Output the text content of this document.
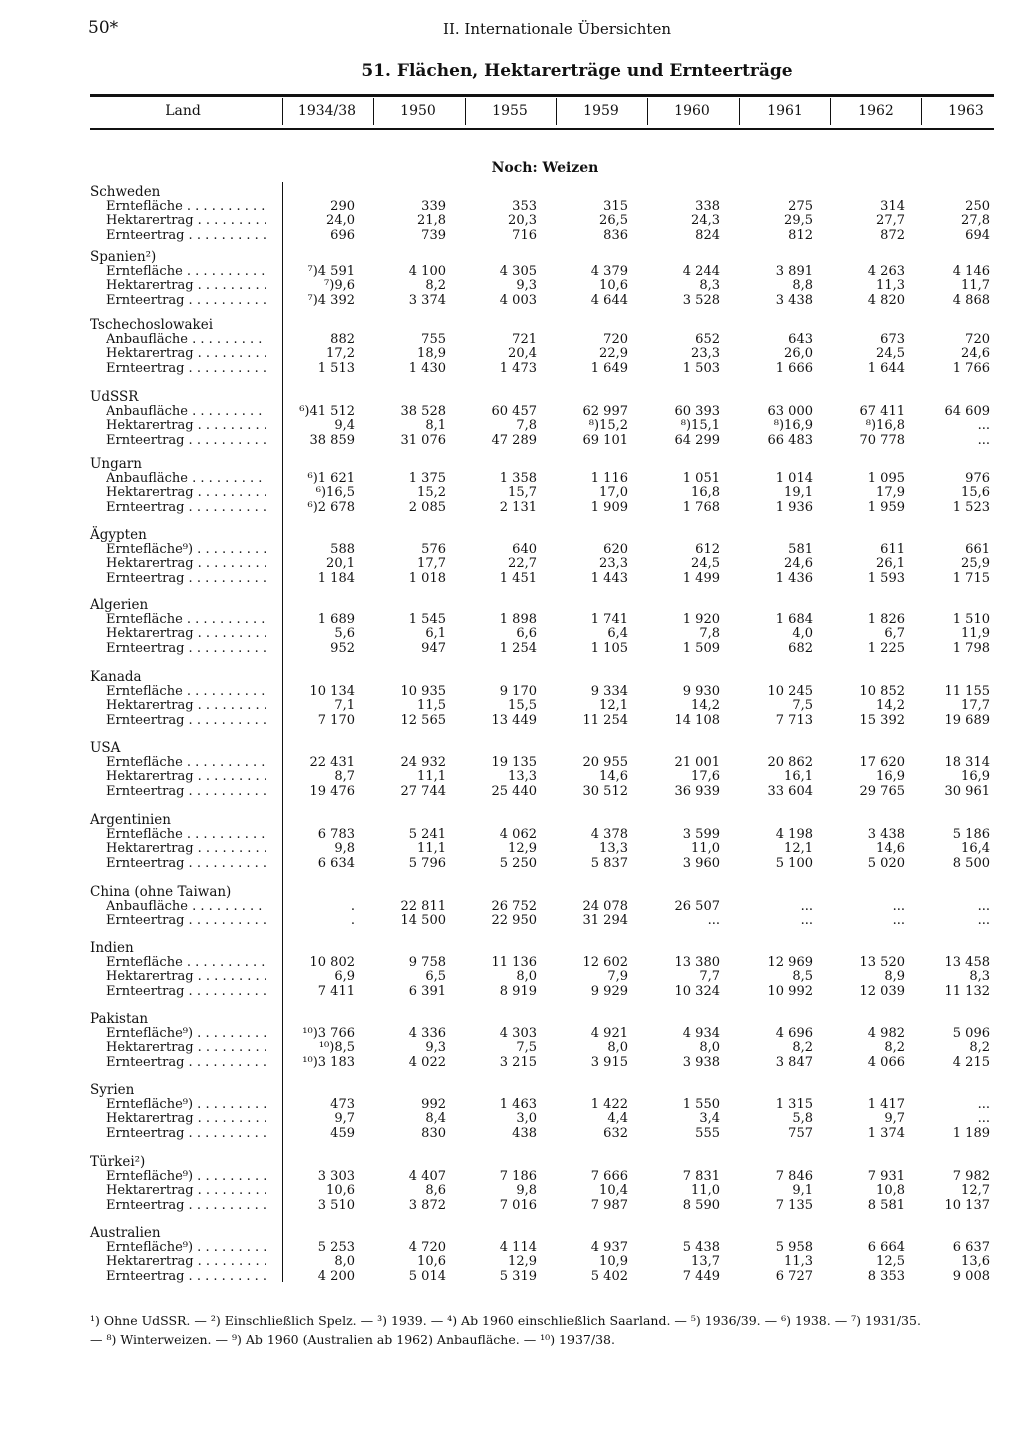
50*	II. Internationale Übersichten
51. Flächen, Hektarerträge und Ernteerträge
Land	1934/38	1950	1955	1959	1960	1961	1962	1963
Noch: Weizen
Schweden
Erntefläche . . .	290	339	353	315	338	275	314	250
Hektarertrag . . .	24,0	21,8	20,3	26,5	24,3	29,5	27,7	27,8
Ernteertrag . . .	696	739	716	836	824	812	872	694
Spanien²)
Erntefläche . . .	⁷)4 591	4 100	4 305	4 379	4 244	3 891	4 263	4 146
Hektarertrag . . .	⁷)9,6	8,2	9,3	10,6	8,3	8,8	11,3	11,7
Ernteertrag . . .	⁷)4 392	3 374	4 003	4 644	3 528	3 438	4 820	4 868
Tschechoslowakei
Anbaufläche . . .	882	755	721	720	652	643	673	720
Hektarertrag . . .	17,2	18,9	20,4	22,9	23,3	26,0	24,5	24,6
Ernteertrag . . .	1 513	1 430	1 473	1 649	1 503	1 666	1 644	1 766
UdSSR
Anbaufläche . . .	⁶)41 512	38 528	60 457	62 997	60 393	63 000	67 411	64 609
Hektarertrag . . .	9,4	8,1	7,8	⁸)15,2	⁸)15,1	⁸)16,9	⁸)16,8	...
Ernteertrag . . .	38 859	31 076	47 289	69 101	64 299	66 483	70 778	...
Ungarn
Anbaufläche . . .	⁶)1 621	1 375	1 358	1 116	1 051	1 014	1 095	976
Hektarertrag . . .	⁶)16,5	15,2	15,7	17,0	16,8	19,1	17,9	15,6
Ernteertrag . . .	⁶)2 678	2 085	2 131	1 909	1 768	1 936	1 959	1 523
Ägypten
Erntefläche⁹) . . .	588	576	640	620	612	581	611	661
Hektarertrag . . .	20,1	17,7	22,7	23,3	24,5	24,6	26,1	25,9
Ernteertrag . . .	1 184	1 018	1 451	1 443	1 499	1 436	1 593	1 715
Algerien
Erntefläche . . .	1 689	1 545	1 898	1 741	1 920	1 684	1 826	1 510
Hektarertrag . . .	5,6	6,1	6,6	6,4	7,8	4,0	6,7	11,9
Ernteertrag . . .	952	947	1 254	1 105	1 509	682	1 225	1 798
Kanada
Erntefläche . . .	10 134	10 935	9 170	9 334	9 930	10 245	10 852	11 155
Hektarertrag . . .	7,1	11,5	15,5	12,1	14,2	7,5	14,2	17,7
Ernteertrag . . .	7 170	12 565	13 449	11 254	14 108	7 713	15 392	19 689
USA
Erntefläche . . .	22 431	24 932	19 135	20 955	21 001	20 862	17 620	18 314
Hektarertrag . . .	8,7	11,1	13,3	14,6	17,6	16,1	16,9	16,9
Ernteertrag . . .	19 476	27 744	25 440	30 512	36 939	33 604	29 765	30 961
Argentinien
Erntefläche . . .	6 783	5 241	4 062	4 378	3 599	4 198	3 438	5 186
Hektarertrag . . .	9,8	11,1	12,9	13,3	11,0	12,1	14,6	16,4
Ernteertrag . . .	6 634	5 796	5 250	5 837	3 960	5 100	5 020	8 500
China (ohne Taiwan)
Anbaufläche . . .	.	22 811	26 752	24 078	26 507	...	...	...
Ernteertrag . . .	.	14 500	22 950	31 294	...	...	...	...
Indien
Erntefläche . . .	10 802	9 758	11 136	12 602	13 380	12 969	13 520	13 458
Hektarertrag . . .	6,9	6,5	8,0	7,9	7,7	8,5	8,9	8,3
Ernteertrag . . .	7 411	6 391	8 919	9 929	10 324	10 992	12 039	11 132
Pakistan
Erntefläche⁹) . . .	¹⁰)3 766	4 336	4 303	4 921	4 934	4 696	4 982	5 096
Hektarertrag . . .	¹⁰)8,5	9,3	7,5	8,0	8,0	8,2	8,2	8,2
Ernteertrag . . .	¹⁰)3 183	4 022	3 215	3 915	3 938	3 847	4 066	4 215
Syrien
Erntefläche⁹) . . .	473	992	1 463	1 422	1 550	1 315	1 417	...
Hektarertrag . . .	9,7	8,4	3,0	4,4	3,4	5,8	9,7	...
Ernteertrag . . .	459	830	438	632	555	757	1 374	1 189
Türkei²)
Erntefläche⁹) . . .	3 303	4 407	7 186	7 666	7 831	7 846	7 931	7 982
Hektarertrag . . .	10,6	8,6	9,8	10,4	11,0	9,1	10,8	12,7
Ernteertrag . . .	3 510	3 872	7 016	7 987	8 590	7 135	8 581	10 137
Australien
Erntefläche⁹) . . .	5 253	4 720	4 114	4 937	5 438	5 958	6 664	6 637
Hektarertrag . . .	8,0	10,6	12,9	10,9	13,7	11,3	12,5	13,6
Ernteertrag . . .	4 200	5 014	5 319	5 402	7 449	6 727	8 353	9 008
¹) Ohne UdSSR. — ²) Einschließlich Spelz. — ³) 1939. — ⁴) Ab 1960 einschließlich Saarland. — ⁵) 1936/39. — ⁶) 1938. — ⁷) 1931/35.
— ⁸) Winterweizen. — ⁹) Ab 1960 (Australien ab 1962) Anbaufläche. — ¹⁰) 1937/38.
